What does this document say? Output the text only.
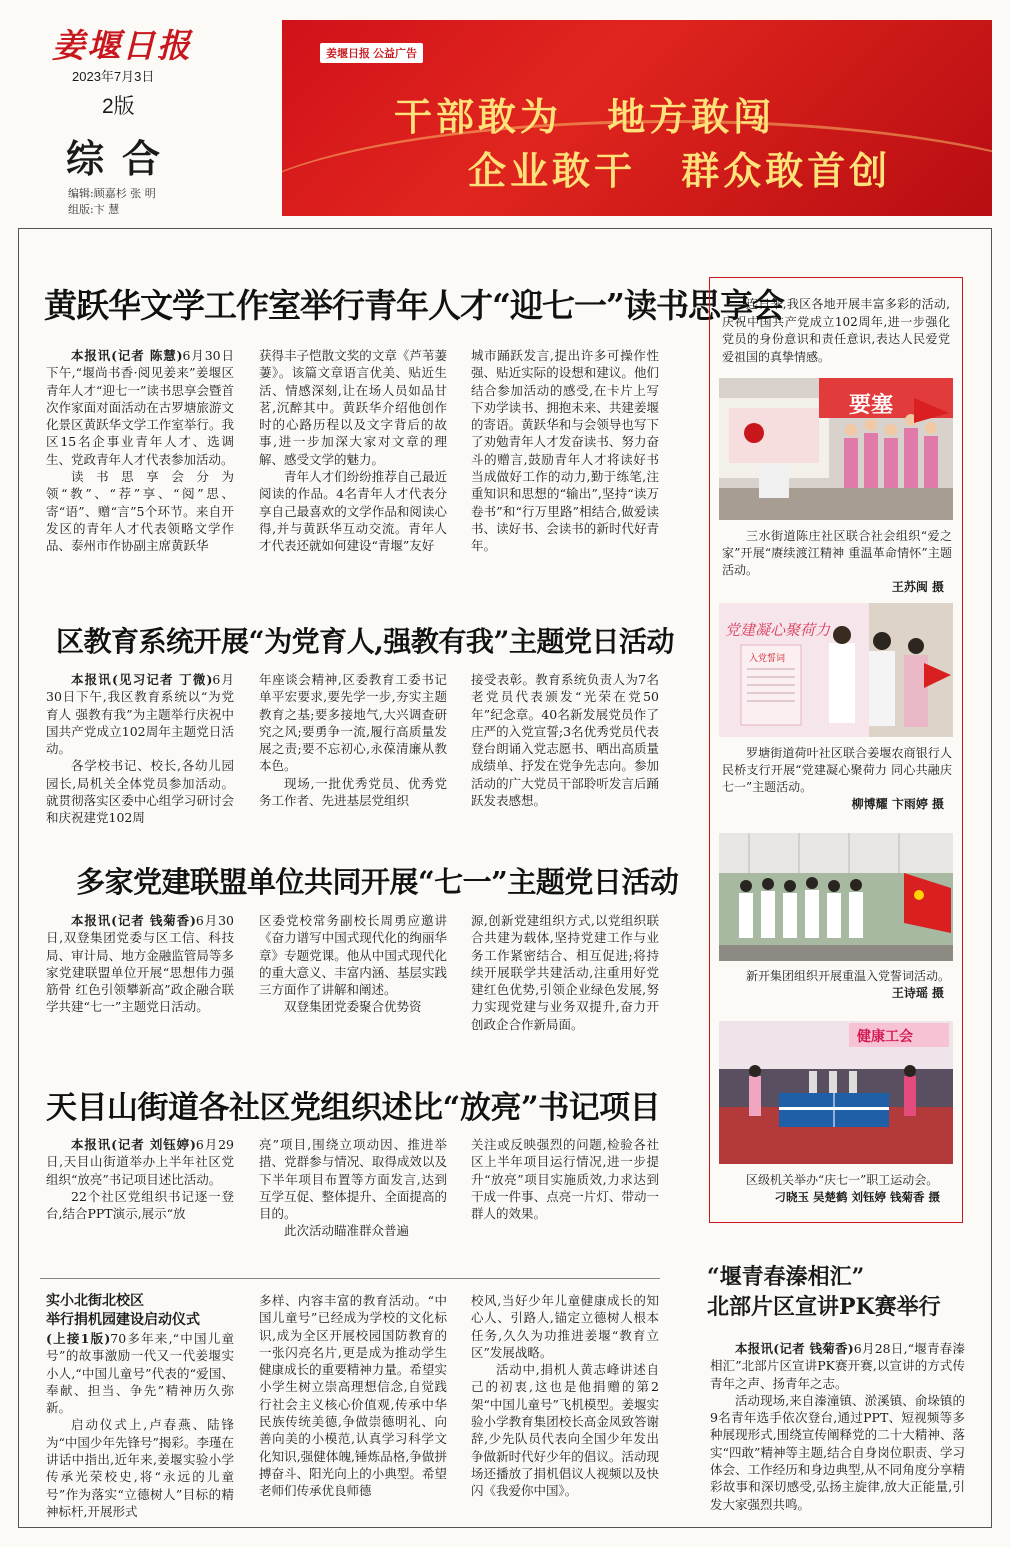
姜堰日报
2023年7月3日
2版
综合
编辑:顾嘉杉 张 明
组版:卞 慧
姜堰日报 公益广告
干部敢为 地方敢闯
企业敢干 群众敢首创
黄跃华文学工作室举行青年人才“迎七一”读书思享会

本报讯(记者 陈慧)6月30日下午,“堰尚书香·阅见姜来”姜堰区青年人才“迎七一”读书思享会暨首次作家面对面活动在古罗塘旅游文化景区黄跃华文学工作室举行。我区15名企事业青年人才、选调生、党政青年人才代表参加活动。

读书思享会分为领“教”、“荐”享、“阅”思、寄“语”、赠“言”5个环节。来自开发区的青年人才代表领略文学作品、泰州市作协副主席黄跃华

获得丰子恺散文奖的文章《芦苇萋萋》。该篇文章语言优美、贴近生活、情感深刻,让在场人员如品甘茗,沉醉其中。黄跃华介绍他创作时的心路历程以及文字背后的故事,进一步加深大家对文章的理解、感受文学的魅力。

青年人才们纷纷推荐自己最近阅读的作品。4名青年人才代表分享自己最喜欢的文学作品和阅读心得,并与黄跃华互动交流。青年人才代表还就如何建设“青堰”友好

城市踊跃发言,提出许多可操作性强、贴近实际的设想和建议。他们结合参加活动的感受,在卡片上写下劝学读书、拥抱未来、共建姜堰的寄语。黄跃华和与会领导也写下了劝勉青年人才发奋读书、努力奋斗的赠言,鼓励青年人才将读好书当成做好工作的动力,勤于练笔,注重知识和思想的“输出”,坚持“读万卷书”和“行万里路”相结合,做爱读书、读好书、会读书的新时代好青年。

区教育系统开展“为党育人,强教有我”主题党日活动

本报讯(见习记者 丁微)6月30日下午,我区教育系统以“为党育人 强教有我”为主题举行庆祝中国共产党成立102周年主题党日活动。

各学校书记、校长,各幼儿园园长,局机关全体党员参加活动。就贯彻落实区委中心组学习研讨会和庆祝建党102周

年座谈会精神,区委教育工委书记单平宏要求,要先学一步,夯实主题教育之基;要多接地气,大兴调查研究之风;要勇争一流,履行高质量发展之责;要不忘初心,永葆清廉从教本色。

现场,一批优秀党员、优秀党务工作者、先进基层党组织

接受表彰。教育系统负责人为7名老党员代表颁发“光荣在党50年”纪念章。40名新发展党员作了庄严的入党宣誓;3名优秀党员代表登台朗诵入党志愿书、晒出高质量成绩单、抒发在党争先志向。参加活动的广大党员干部聆听发言后踊跃发表感想。

多家党建联盟单位共同开展“七一”主题党日活动

本报讯(记者 钱菊香)6月30日,双登集团党委与区工信、科技局、审计局、地方金融监管局等多家党建联盟单位开展“思想伟力强筋骨 红色引领攀新高”政企融合联学共建“七一”主题党日活动。

区委党校常务副校长周勇应邀讲《奋力谱写中国式现代化的绚丽华章》专题党课。他从中国式现代化的重大意义、丰富内涵、基层实践三方面作了讲解和阐述。

双登集团党委聚合优势资

源,创新党建组织方式,以党组织联合共建为载体,坚持党建工作与业务工作紧密结合、相互促进;将持续开展联学共建活动,注重用好党建红色优势,引领企业绿色发展,努力实现党建与业务双提升,奋力开创政企合作新局面。

天目山街道各社区党组织述比“放亮”书记项目

本报讯(记者 刘钰婷)6月29日,天目山街道举办上半年社区党组织“放亮”书记项目述比活动。

22个社区党组织书记逐一登台,结合PPT演示,展示“放

亮”项目,围绕立项动因、推进举措、党群参与情况、取得成效以及下半年项目布置等方面发言,达到互学互促、整体提升、全面提高的目的。

此次活动瞄准群众普遍

关注或反映强烈的问题,检验各社区上半年项目运行情况,进一步提升“放亮”项目实施质效,力求达到干成一件事、点亮一片灯、带动一群人的效果。

实小北街北校区
举行捐机园建设启动仪式

(上接1版)70多年来,“中国儿童号”的故事激励一代又一代姜堰实小人,“中国儿童号”代表的“爱国、奉献、担当、争先”精神历久弥新。

启动仪式上,卢春燕、陆锋为“中国少年先锋号”揭彩。李瑾在讲话中指出,近年来,姜堰实验小学传承光荣校史,将“永远的儿童号”作为落实“立德树人”目标的精神标杆,开展形式

多样、内容丰富的教育活动。“中国儿童号”已经成为学校的文化标识,成为全区开展校园国防教育的一张闪亮名片,更是成为推动学生健康成长的重要精神力量。希望实小学生树立崇高理想信念,自觉践行社会主义核心价值观,传承中华民族传统美德,争做崇德明礼、向善向美的小模范,认真学习科学文化知识,强健体魄,锤炼品格,争做拼搏奋斗、阳光向上的小典型。希望老师们传承优良师德

校风,当好少年儿童健康成长的知心人、引路人,锚定立德树人根本任务,久久为功推进姜堰“教育立区”发展战略。

活动中,捐机人黄志峰讲述自己的初衷,这也是他捐赠的第2架“中国儿童号”飞机模型。姜堰实验小学教育集团校长高金凤致答谢辞,少先队员代表向全国少年发出争做新时代好少年的倡议。活动现场还播放了捐机倡议人视频以及快闪《我爱你中国》。

连日来,我区各地开展丰富多彩的活动,庆祝中国共产党成立102周年,进一步强化党员的身份意识和责任意识,表达人民爱党爱祖国的真挚情感。
要塞
三水街道陈庄社区联合社会组织“爱之家”开展“赓续渡江精神 重温革命情怀”主题活动。
王苏闽 摄
党建凝心聚荷力
入党誓词
罗塘街道荷叶社区联合姜堰农商银行人民桥支行开展“党建凝心聚荷力 同心共融庆七一”主题活动。
柳博耀 卞雨婷 摄
新开集团组织开展重温入党誓词活动。
王诗瑶 摄
健康工会
区级机关举办“庆七一”职工运动会。
刁晓玉 吴楚鹤 刘钰婷 钱菊香 摄
“堰青春溱相汇”
北部片区宣讲PK赛举行

本报讯(记者 钱菊香)6月28日,“堰青春溱相汇”北部片区宣讲PK赛开赛,以宣讲的方式传青年之声、扬青年之志。

活动现场,来自溱潼镇、淤溪镇、俞垛镇的9名青年选手依次登台,通过PPT、短视频等多种展现形式,围绕宣传阐释党的二十大精神、落实“四敢”精神等主题,结合自身岗位职责、学习体会、工作经历和身边典型,从不同角度分享精彩故事和深切感受,弘扬主旋律,放大正能量,引发大家强烈共鸣。
